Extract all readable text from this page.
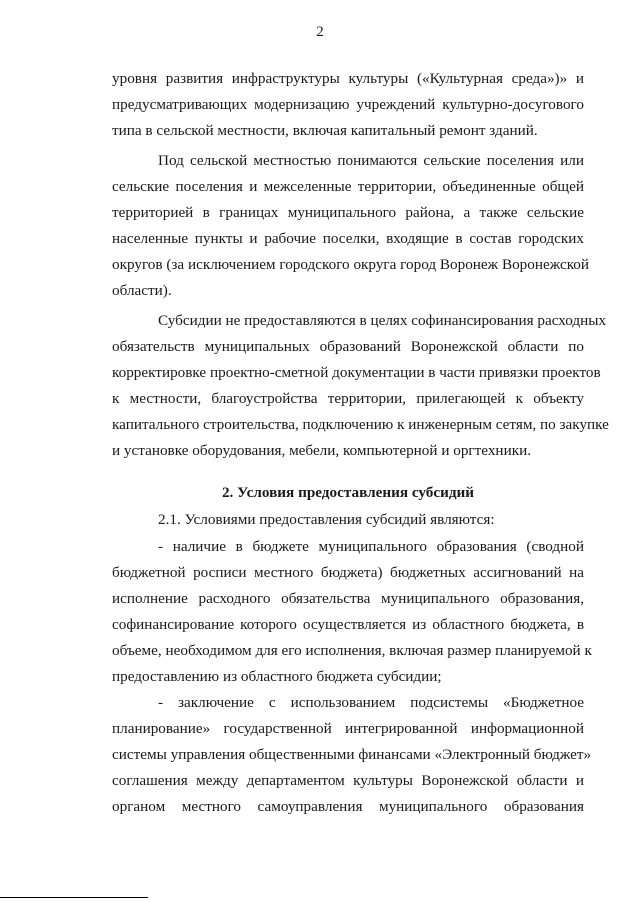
2
уровня развития инфраструктуры культуры («Культурная среда»)» и
предусматривающих модернизацию учреждений культурно-досугового
типа в сельской местности, включая капитальный ремонт зданий.
Под сельской местностью понимаются сельские поселения или
сельские поселения и межселенные территории, объединенные общей
территорией в границах муниципального района, а также сельские
населенные пункты и рабочие поселки, входящие в состав городских
округов (за исключением городского округа город Воронеж Воронежской
области).
Субсидии не предоставляются в целях софинансирования расходных
обязательств муниципальных образований Воронежской области по
корректировке проектно-сметной документации в части привязки проектов
к местности, благоустройства территории, прилегающей к объекту
капитального строительства, подключению к инженерным сетям, по закупке
и установке оборудования, мебели, компьютерной и оргтехники.
2. Условия предоставления субсидий
2.1. Условиями предоставления субсидий являются:
- наличие в бюджете муниципального образования (сводной
бюджетной росписи местного бюджета) бюджетных ассигнований на
исполнение расходного обязательства муниципального образования,
софинансирование которого осуществляется из областного бюджета, в
объеме, необходимом для его исполнения, включая размер планируемой к
предоставлению из областного бюджета субсидии;
- заключение с использованием подсистемы «Бюджетное
планирование» государственной интегрированной информационной
системы управления общественными финансами «Электронный бюджет»
соглашения между департаментом культуры Воронежской области и
органом местного самоуправления муниципального образования
